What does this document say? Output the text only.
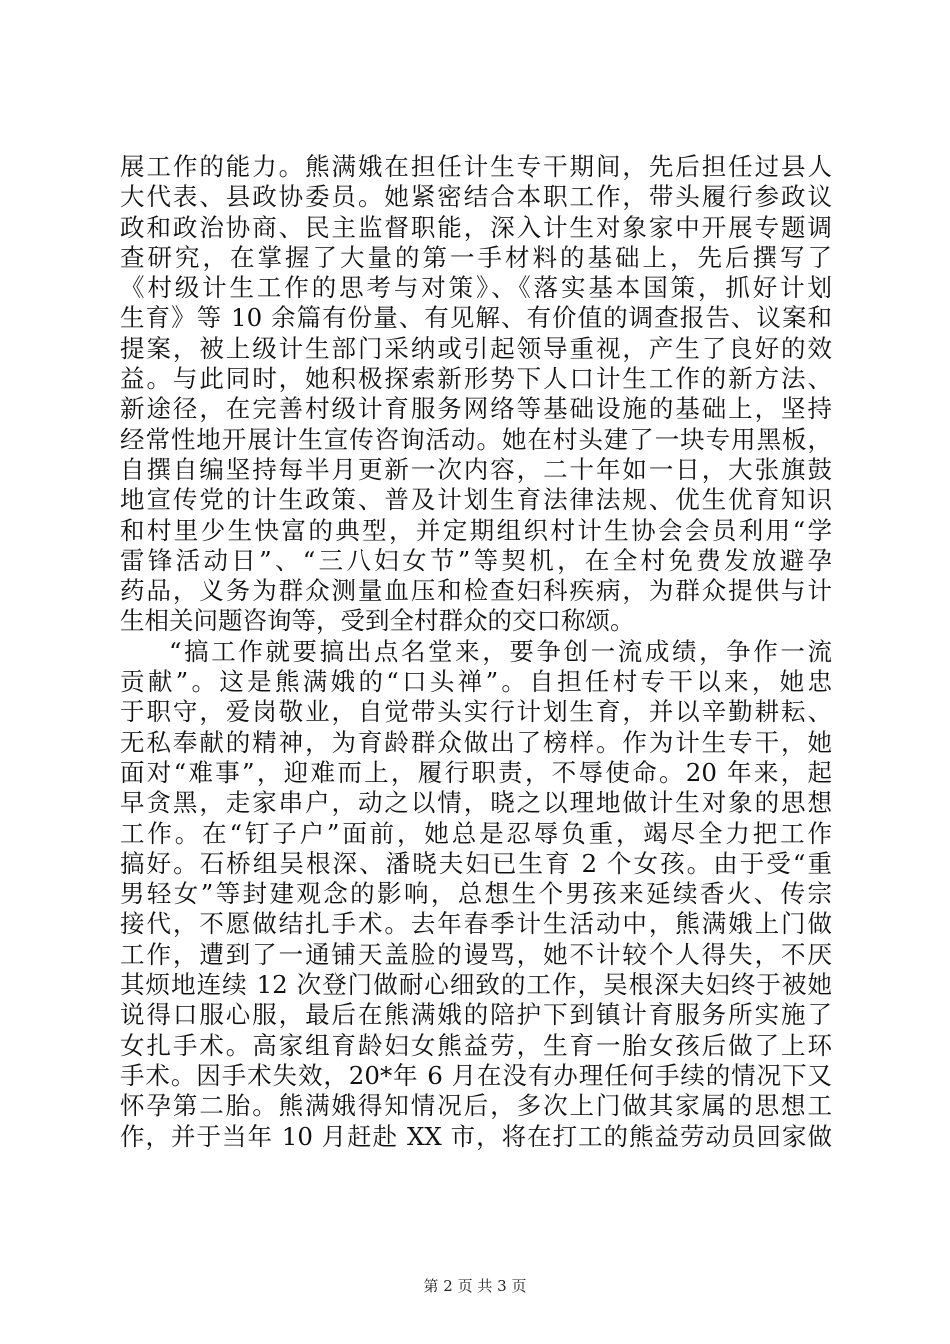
展工作的能力。熊满娥在担任计生专干期间，先后担任过县人
大代表、县政协委员。她紧密结合本职工作，带头履行参政议
政和政治协商、民主监督职能，深入计生对象家中开展专题调
查研究，在掌握了大量的第一手材料的基础上，先后撰写了
《村级计生工作的思考与对策》、《落实基本国策，抓好计划
生育》等 10 余篇有份量、有见解、有价值的调查报告、议案和
提案，被上级计生部门采纳或引起领导重视，产生了良好的效
益。与此同时，她积极探索新形势下人口计生工作的新方法、
新途径，在完善村级计育服务网络等基础设施的基础上，坚持
经常性地开展计生宣传咨询活动。她在村头建了一块专用黑板，
自撰自编坚持每半月更新一次内容，二十年如一日，大张旗鼓
地宣传党的计生政策、普及计划生育法律法规、优生优育知识
和村里少生快富的典型，并定期组织村计生协会会员利用“学
雷锋活动日”、“三八妇女节”等契机，在全村免费发放避孕
药品，义务为群众测量血压和检查妇科疾病，为群众提供与计
生相关问题咨询等，受到全村群众的交口称颂。
“搞工作就要搞出点名堂来，要争创一流成绩，争作一流
贡献”。这是熊满娥的“口头禅”。自担任村专干以来，她忠
于职守，爱岗敬业，自觉带头实行计划生育，并以辛勤耕耘、
无私奉献的精神，为育龄群众做出了榜样。作为计生专干，她
面对“难事”，迎难而上，履行职责，不辱使命。20 年来，起
早贪黑，走家串户，动之以情，晓之以理地做计生对象的思想
工作。在“钉子户”面前，她总是忍辱负重，竭尽全力把工作
搞好。石桥组吴根深、潘晓夫妇已生育 2 个女孩。由于受“重
男轻女”等封建观念的影响，总想生个男孩来延续香火、传宗
接代，不愿做结扎手术。去年春季计生活动中，熊满娥上门做
工作，遭到了一通铺天盖脸的谩骂，她不计较个人得失，不厌
其烦地连续 12 次登门做耐心细致的工作，吴根深夫妇终于被她
说得口服心服，最后在熊满娥的陪护下到镇计育服务所实施了
女扎手术。高家组育龄妇女熊益劳，生育一胎女孩后做了上环
手术。因手术失效，20*年 6 月在没有办理任何手续的情况下又
怀孕第二胎。熊满娥得知情况后，多次上门做其家属的思想工
作，并于当年 10 月赶赴 XX 市，将在打工的熊益劳动员回家做
第 2 页 共 3 页
